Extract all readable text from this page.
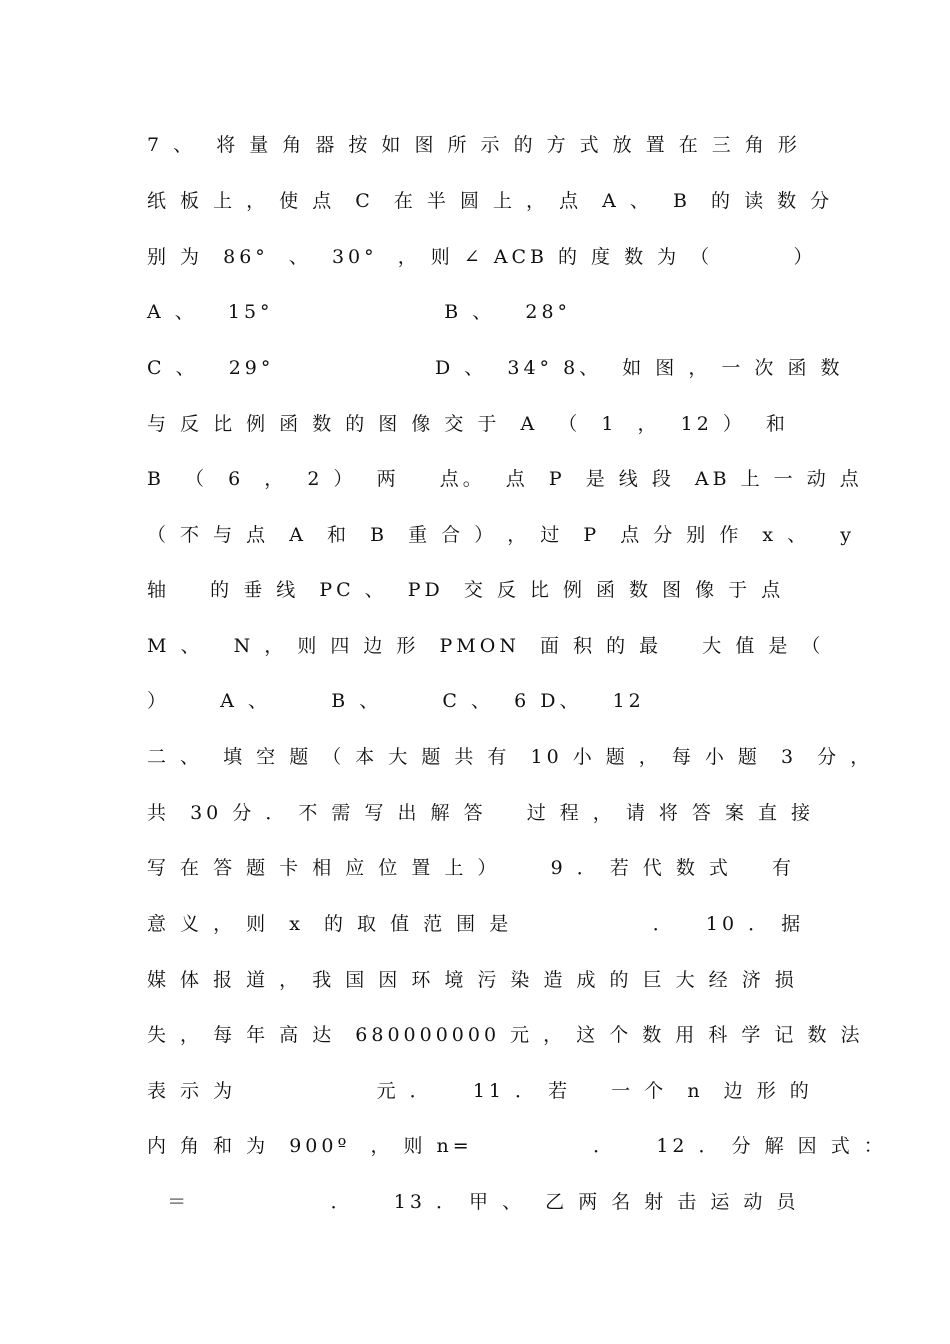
7 、  将 量 角 器 按 如 图 所 示 的 方 式 放 置 在 三 角 形

纸 板 上 ， 使 点  C  在 半 圆 上 ， 点  A 、  B  的 读 数 分

别 为  86°  、  30°  ， 则 ∠ ACB 的 度 数 为 （        ）

A 、   15°                 B 、   28°

C 、   29°                D 、  34° 8、  如 图 ， 一 次 函 数

与 反 比 例 函 数 的 图 像 交 于  A  （  1  ，  12 ）  和

B  （  6  ，  2 ）  两    点。  点  P  是 线 段  AB 上 一 动 点

（ 不 与 点  A  和  B  重 合 ） ， 过  P  点 分 别 作  x 、   y

轴    的 垂 线  PC 、  PD  交 反 比 例 函 数 图 像 于 点

M 、   N ， 则 四 边 形  PMON  面 积 的 最    大 值 是 （

）     A 、      B 、      C 、  6 D、   12

二 、  填 空 题 （ 本 大 题 共 有  10 小 题 ， 每 小 题  3  分 ，

共  30 分 ． 不 需 写 出 解 答    过 程 ， 请 将 答 案 直 接

写 在 答 题 卡 相 应 位 置 上 ）     9 ． 若 代 数 式    有

意 义 ， 则  x  的 取 值 范 围 是              ．   10 ． 据

媒 体 报 道 ， 我 国 因 环 境 污 染 造 成 的 巨 大 经 济 损

失 ， 每 年 高 达  680000000 元 ， 这 个 数 用 科 学 记 数 法

表 示 为              元 ．    11 ． 若    一 个  n  边 形 的

内 角 和 为  900º  ， 则 n=            ．    12 ． 分 解 因 式 ：

＝              ．    13 ． 甲 、  乙 两 名 射 击 运 动 员
